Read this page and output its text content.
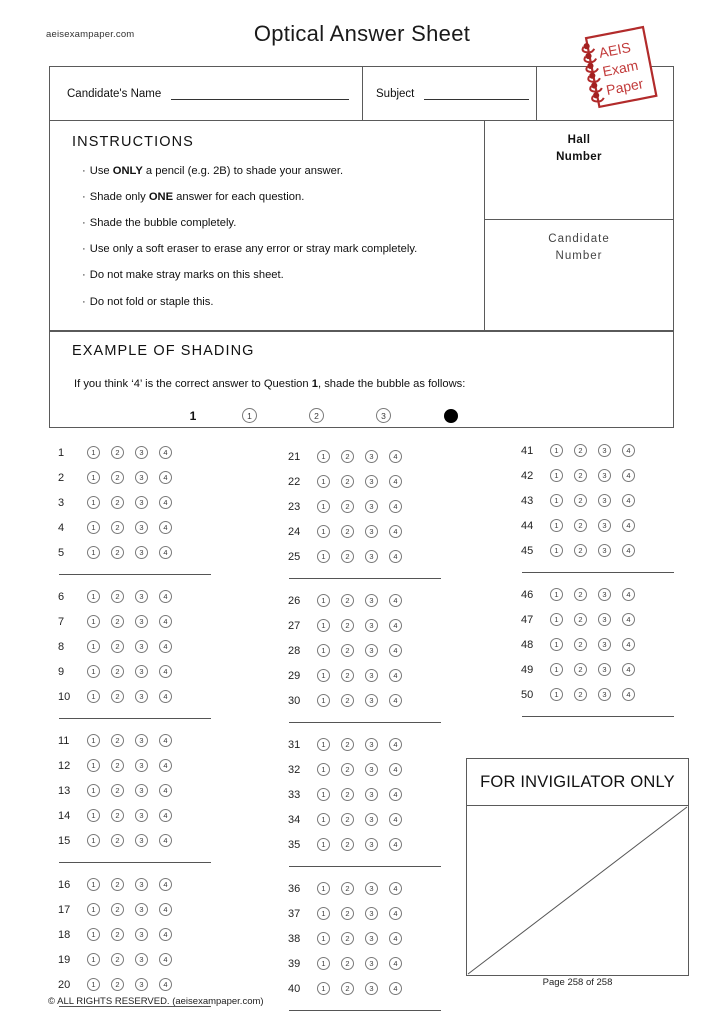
aeisexampaper.com	Optical Answer Sheet
AEIS
Exam
Paper
Candidate's Name	Subject
INSTRUCTIONS

· Use ONLY a pencil (e.g. 2B) to shade your answer.

· Shade only ONE answer for each question.

· Shade the bubble completely.

· Use only a soft eraser to erase any error or stray mark completely.

· Do not make stray marks on this sheet.

· Do not fold or staple this.

Hall
Number
Candidate
Number
EXAMPLE OF SHADING
If you think ‘4’ is the correct answer to Question 1, shade the bubble as follows:
1	1	2	3
1	1	2	3	4
2	1	2	3	4
3	1	2	3	4
4	1	2	3	4
5	1	2	3	4
6	1	2	3	4
7	1	2	3	4
8	1	2	3	4
9	1	2	3	4
10	1	2	3	4
11	1	2	3	4
12	1	2	3	4
13	1	2	3	4
14	1	2	3	4
15	1	2	3	4
16	1	2	3	4
17	1	2	3	4
18	1	2	3	4
19	1	2	3	4
20	1	2	3	4
21	1	2	3	4
22	1	2	3	4
23	1	2	3	4
24	1	2	3	4
25	1	2	3	4
26	1	2	3	4
27	1	2	3	4
28	1	2	3	4
29	1	2	3	4
30	1	2	3	4
31	1	2	3	4
32	1	2	3	4
33	1	2	3	4
34	1	2	3	4
35	1	2	3	4
36	1	2	3	4
37	1	2	3	4
38	1	2	3	4
39	1	2	3	4
40	1	2	3	4
41	1	2	3	4
42	1	2	3	4
43	1	2	3	4
44	1	2	3	4
45	1	2	3	4
46	1	2	3	4
47	1	2	3	4
48	1	2	3	4
49	1	2	3	4
50	1	2	3	4
FOR INVIGILATOR ONLY
Page 258 of 258
© ALL RIGHTS RESERVED. (aeisexampaper.com)
